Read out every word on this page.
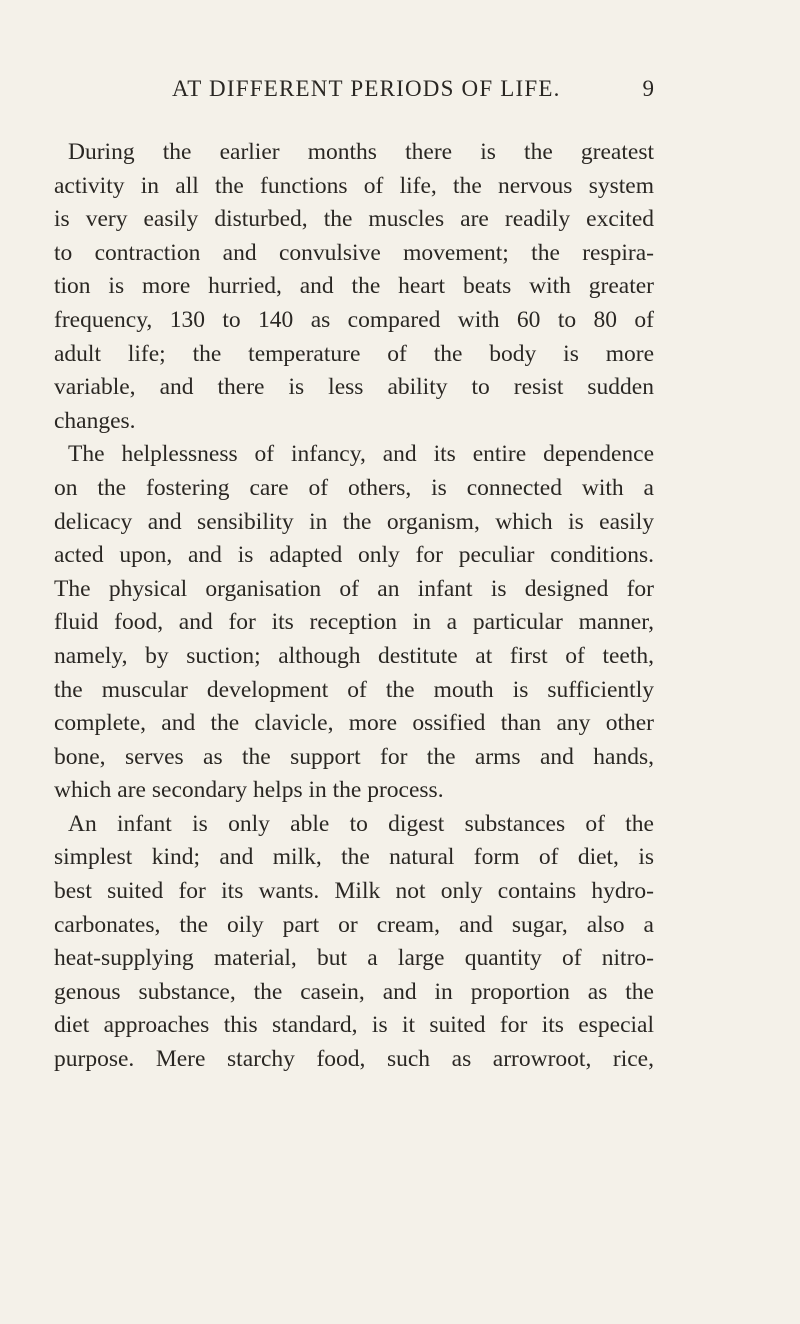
AT DIFFERENT PERIODS OF LIFE.	9
During the earlier months there is the greatest
activity in all the functions of life, the nervous system
is very easily disturbed, the muscles are readily excited
to contraction and convulsive movement; the respira-
tion is more hurried, and the heart beats with greater
frequency, 130 to 140 as compared with 60 to 80 of
adult life; the temperature of the body is more
variable, and there is less ability to resist sudden
changes.
The helplessness of infancy, and its entire dependence
on the fostering care of others, is connected with a
delicacy and sensibility in the organism, which is easily
acted upon, and is adapted only for peculiar conditions.
The physical organisation of an infant is designed for
fluid food, and for its reception in a particular manner,
namely, by suction; although destitute at first of teeth,
the muscular development of the mouth is sufficiently
complete, and the clavicle, more ossified than any other
bone, serves as the support for the arms and hands,
which are secondary helps in the process.
An infant is only able to digest substances of the
simplest kind; and milk, the natural form of diet, is
best suited for its wants. Milk not only contains hydro-
carbonates, the oily part or cream, and sugar, also a
heat-supplying material, but a large quantity of nitro-
genous substance, the casein, and in proportion as the
diet approaches this standard, is it suited for its especial
purpose. Mere starchy food, such as arrowroot, rice,
